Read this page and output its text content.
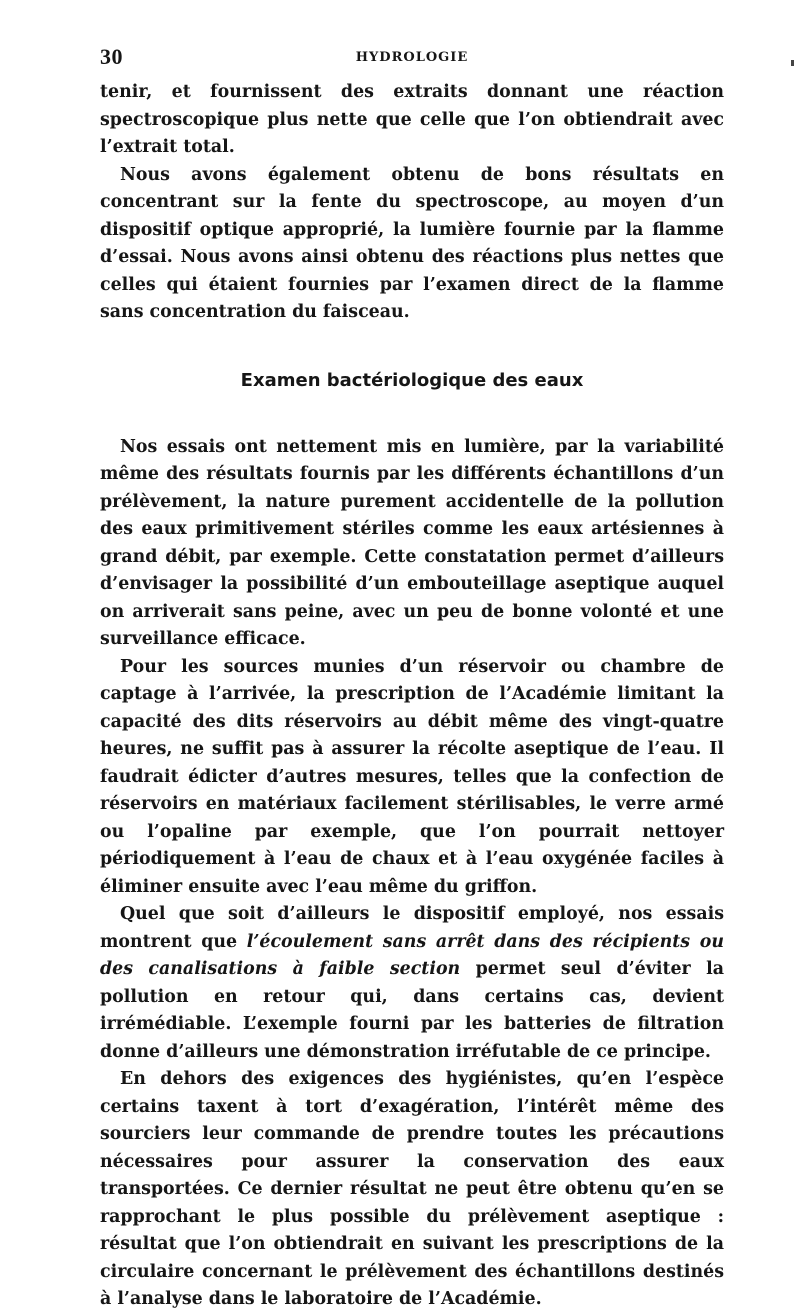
30	HYDROLOGIE

tenir, et fournissent des extraits donnant une réaction spectroscopique plus nette que celle que l’on obtiendrait avec l’extrait total.

Nous avons également obtenu de bons résultats en concentrant sur la fente du spectroscope, au moyen d’un dispositif optique approprié, la lumière fournie par la flamme d’essai. Nous avons ainsi obtenu des réactions plus nettes que celles qui étaient fournies par l’examen direct de la flamme sans concentration du faisceau.

Examen bactériologique des eaux

Nos essais ont nettement mis en lumière, par la variabilité même des résultats fournis par les différents échantillons d’un prélèvement, la nature purement accidentelle de la pollution des eaux primitivement stériles comme les eaux artésiennes à grand débit, par exemple. Cette constatation permet d’ailleurs d’envisager la possibilité d’un embouteillage aseptique auquel on arriverait sans peine, avec un peu de bonne volonté et une surveillance efficace.

Pour les sources munies d’un réservoir ou chambre de captage à l’arrivée, la prescription de l’Académie limitant la capacité des dits réservoirs au débit même des vingt-quatre heures, ne suffit pas à assurer la récolte aseptique de l’eau. Il faudrait édicter d’autres mesures, telles que la confection de réservoirs en matériaux facilement stérilisables, le verre armé ou l’opaline par exemple, que l’on pourrait nettoyer périodiquement à l’eau de chaux et à l’eau oxygénée faciles à éliminer ensuite avec l’eau même du griffon.

Quel que soit d’ailleurs le dispositif employé, nos essais montrent que l’écoulement sans arrêt dans des récipients ou des canalisations à faible section permet seul d’éviter la pollution en retour qui, dans certains cas, devient irrémédiable. L’exemple fourni par les batteries de filtration donne d’ailleurs une démonstration irréfutable de ce principe.

En dehors des exigences des hygiénistes, qu’en l’espèce certains taxent à tort d’exagération, l’intérêt même des sourciers leur commande de prendre toutes les précautions nécessaires pour assurer la conservation des eaux transportées. Ce dernier résultat ne peut être obtenu qu’en se rapprochant le plus possible du prélèvement aseptique : résultat que l’on obtiendrait en suivant les prescriptions de la circulaire concernant le prélèvement des échantillons destinés à l’analyse dans le laboratoire de l’Académie.
